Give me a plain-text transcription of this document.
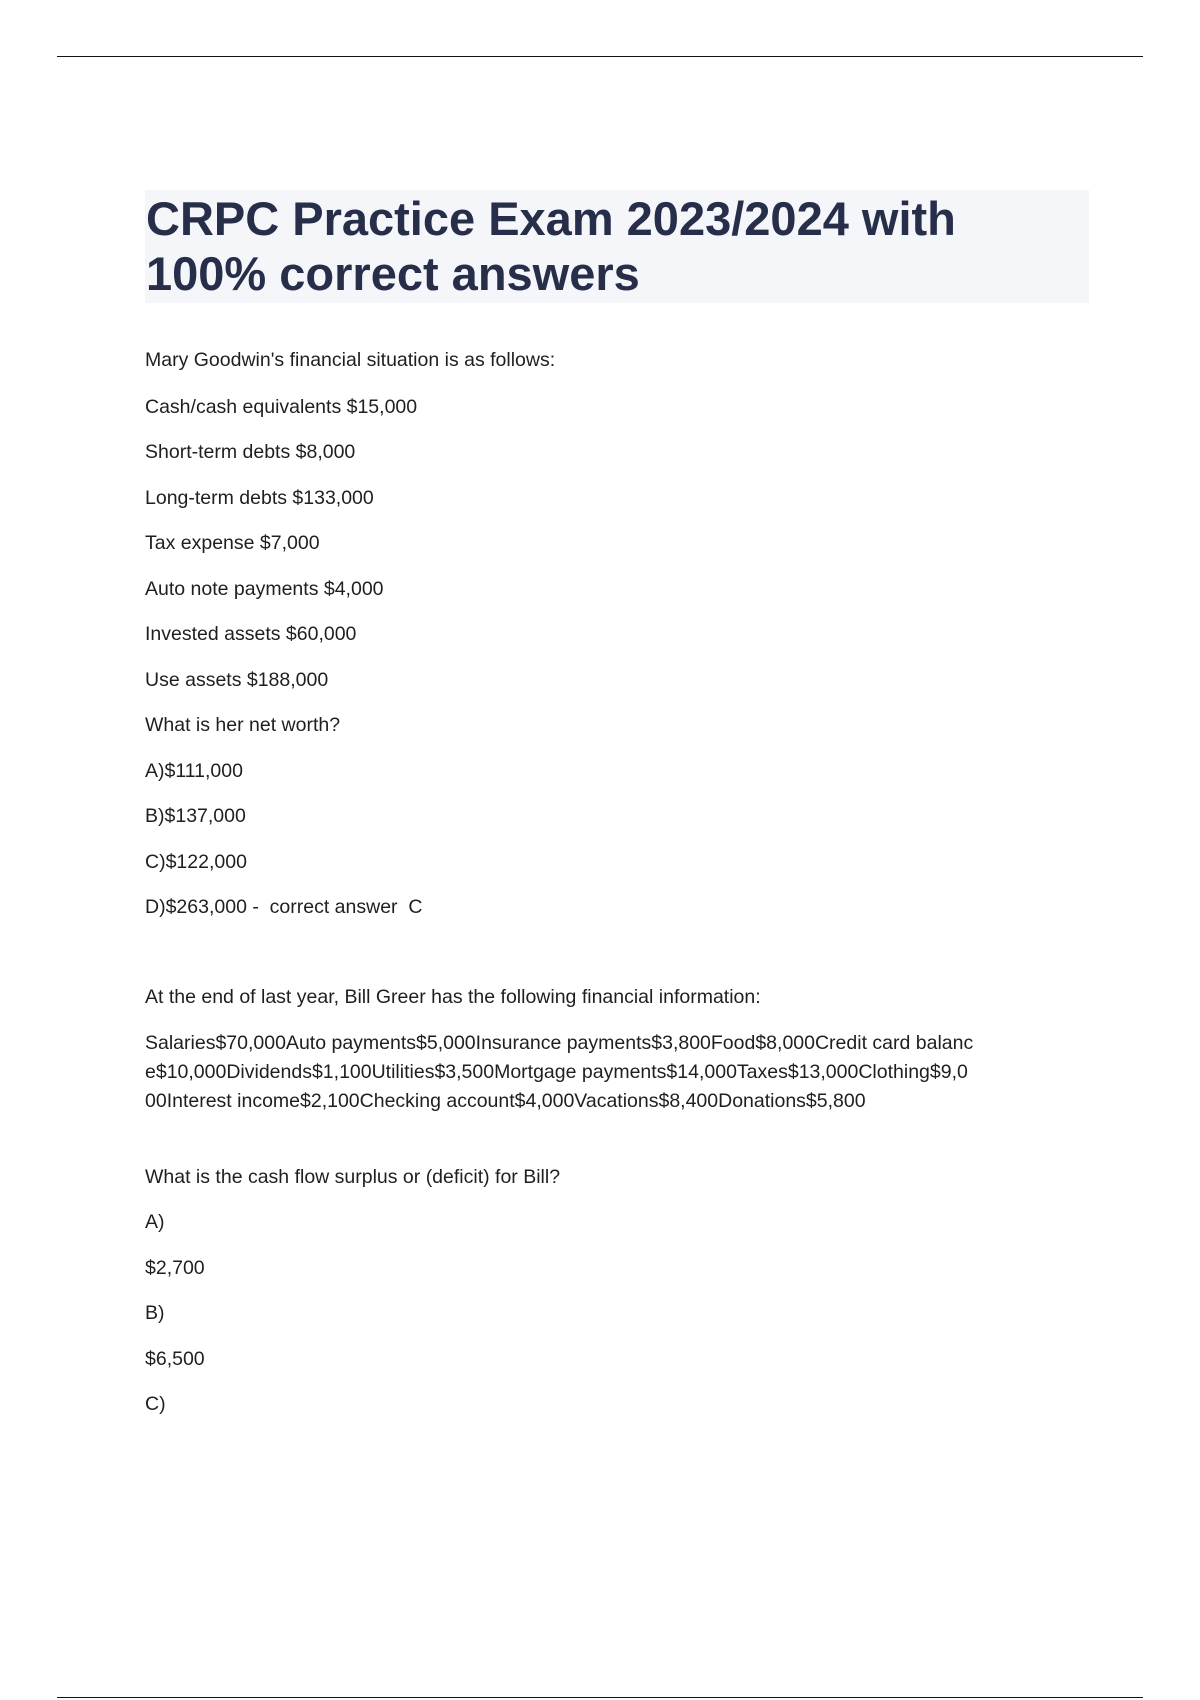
CRPC Practice Exam 2023/2024 with 100% correct answers
Mary Goodwin's financial situation is as follows:
Cash/cash equivalents $15,000
Short-term debts $8,000
Long-term debts $133,000
Tax expense $7,000
Auto note payments $4,000
Invested assets $60,000
Use assets $188,000
What is her net worth?
A)$111,000
B)$137,000
C)$122,000
D)$263,000 -  correct answer  C
At the end of last year, Bill Greer has the following financial information:
Salaries$70,000Auto payments$5,000Insurance payments$3,800Food$8,000Credit card balance$10,000Dividends$1,100Utilities$3,500Mortgage payments$14,000Taxes$13,000Clothing$9,000Interest income$2,100Checking account$4,000Vacations$8,400Donations$5,800
What is the cash flow surplus or (deficit) for Bill?
A)
$2,700
B)
$6,500
C)
